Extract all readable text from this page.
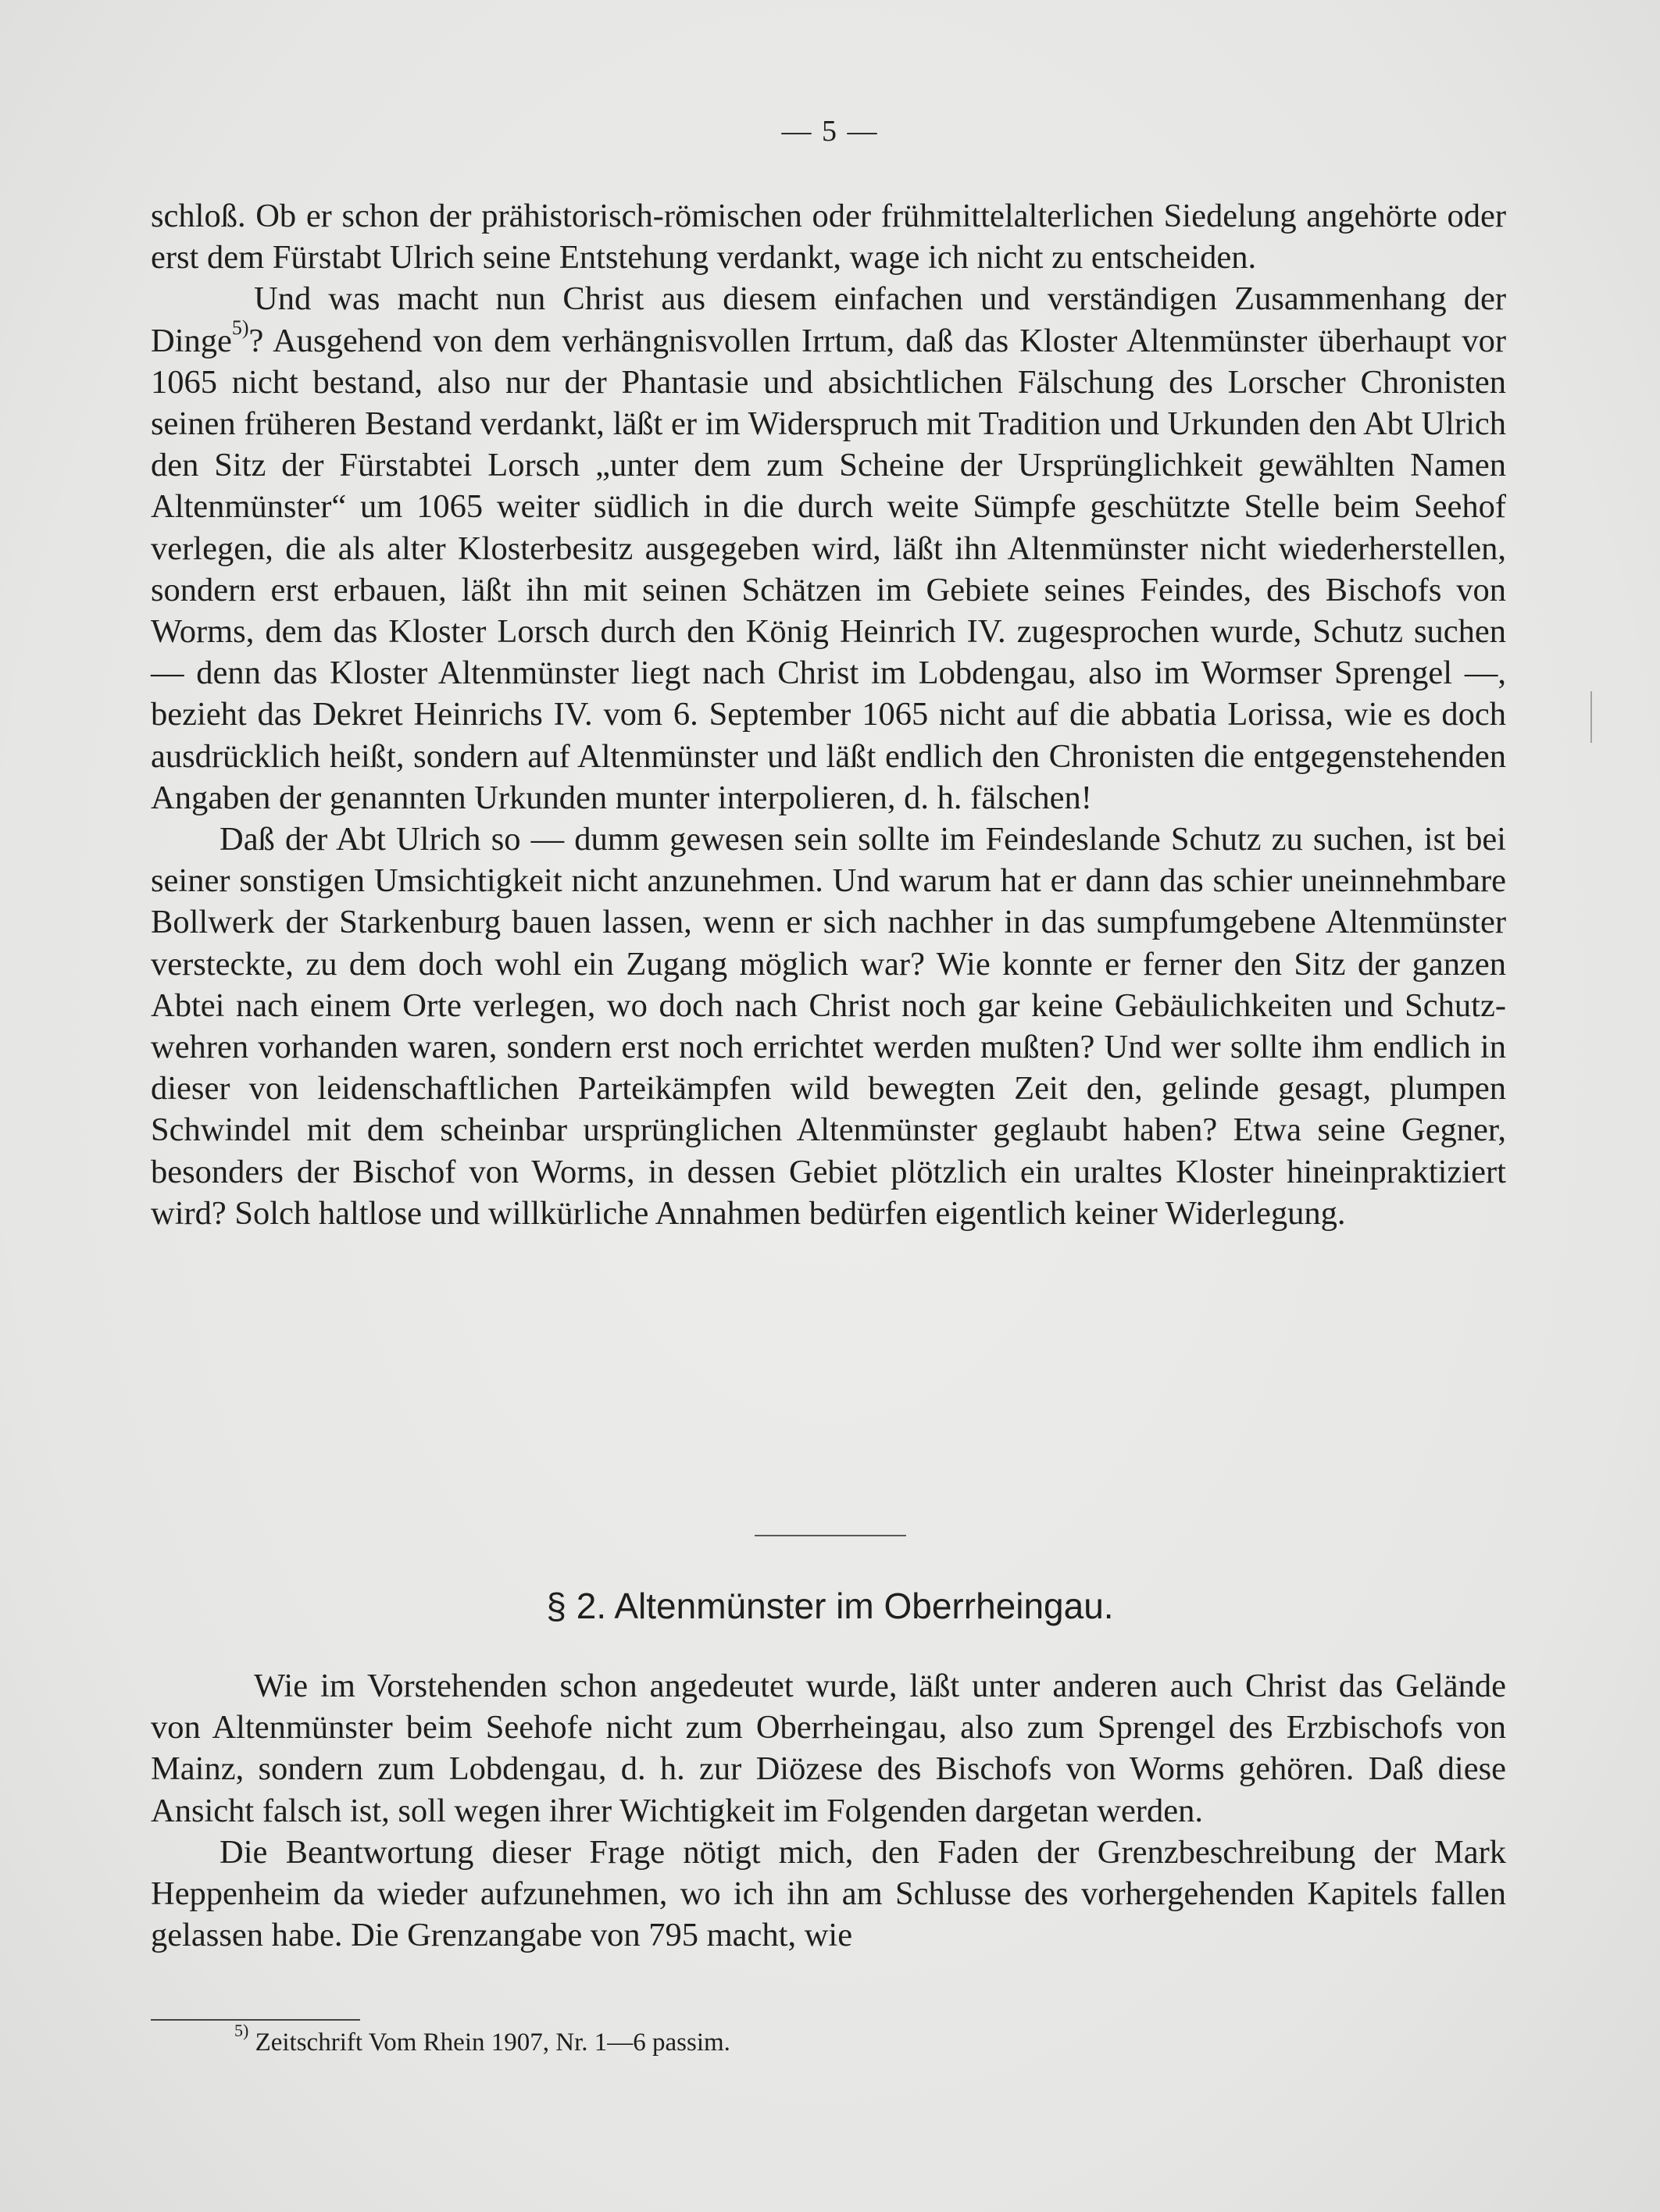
— 5 —

schloß. Ob er schon der prähistorisch-römischen oder frühmittelalterlichen Siedelung angehörte oder erst dem Fürstabt Ulrich seine Entstehung verdankt, wage ich nicht zu entscheiden.

Und was macht nun Christ aus diesem einfachen und verständigen Zusammenhang der Dinge$^{5)}$? Ausgehend von dem verhängnisvollen Irrtum, daß das Kloster Altenmünster überhaupt vor 1065 nicht bestand, also nur der Phantasie und absichtlichen Fälschung des Lorscher Chronisten seinen früheren Bestand verdankt, läßt er im Widerspruch mit Tradition und Urkunden den Abt Ulrich den Sitz der Fürstabtei Lorsch „unter dem zum Scheine der Ursprünglichkeit gewählten Namen Altenmünster“ um 1065 weiter südlich in die durch weite Sümpfe geschützte Stelle beim Seehof verlegen, die als alter Klosterbesitz ausgegeben wird, läßt ihn Altenmünster nicht wiederherstellen, sondern erst erbauen, läßt ihn mit seinen Schätzen im Gebiete seines Feindes, des Bischofs von Worms, dem das Kloster Lorsch durch den König Heinrich IV. zugesprochen wurde, Schutz suchen — denn das Kloster Altenmünster liegt nach Christ im Lobdengau, also im Wormser Sprengel —, bezieht das Dekret Heinrichs IV. vom 6. September 1065 nicht auf die abbatia Lorissa, wie es doch ausdrücklich heißt, sondern auf Altenmünster und läßt endlich den Chronisten die entgegenstehenden Angaben der genannten Urkunden munter interpolieren, d. h. fälschen!

Daß der Abt Ulrich so — dumm gewesen sein sollte im Feindeslande Schutz zu suchen, ist bei seiner sonstigen Umsichtigkeit nicht anzunehmen. Und warum hat er dann das schier uneinnehmbare Bollwerk der Starkenburg bauen lassen, wenn er sich nachher in das sumpfumgebene Altenmünster versteckte, zu dem doch wohl ein Zugang möglich war? Wie konnte er ferner den Sitz der ganzen Abtei nach einem Orte verlegen, wo doch nach Christ noch gar keine Gebäulichkeiten und Schutzwehren vorhanden waren, sondern erst noch errichtet werden mußten? Und wer sollte ihm endlich in dieser von leidenschaftlichen Parteikämpfen wild bewegten Zeit den, gelinde gesagt, plumpen Schwindel mit dem scheinbar ursprünglichen Altenmünster geglaubt haben? Etwa seine Gegner, besonders der Bischof von Worms, in dessen Gebiet plötzlich ein uraltes Kloster hineinpraktiziert wird? Solch haltlose und willkürliche Annahmen bedürfen eigentlich keiner Widerlegung.

§ 2. Altenmünster im Oberrheingau.

Wie im Vorstehenden schon angedeutet wurde, läßt unter anderen auch Christ das Gelände von Altenmünster beim Seehofe nicht zum Oberrheingau, also zum Sprengel des Erzbischofs von Mainz, sondern zum Lobdengau, d. h. zur Diözese des Bischofs von Worms gehören. Daß diese Ansicht falsch ist, soll wegen ihrer Wichtigkeit im Folgenden dargetan werden.

Die Beantwortung dieser Frage nötigt mich, den Faden der Grenzbeschreibung der Mark Heppenheim da wieder aufzunehmen, wo ich ihn am Schlusse des vorhergehenden Kapitels fallen gelassen habe. Die Grenzangabe von 795 macht, wie

$^{5)}$ Zeitschrift Vom Rhein 1907, Nr. 1—6 passim.
